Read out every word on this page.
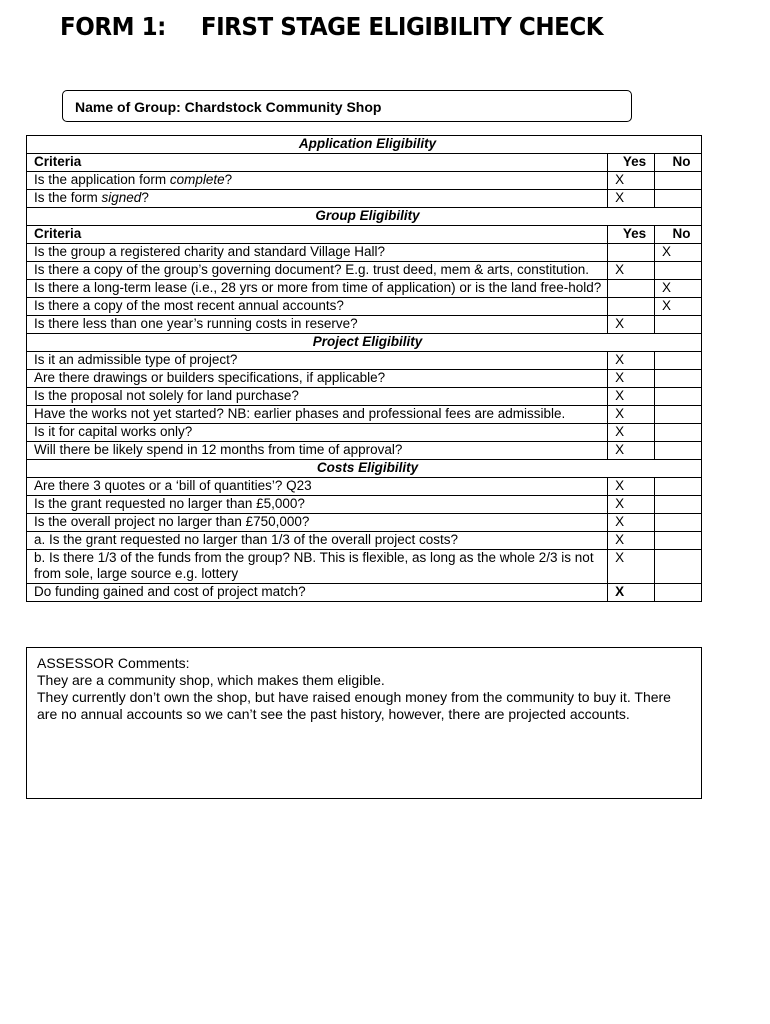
FORM 1: FIRST STAGE ELIGIBILITY CHECK
Name of Group: Chardstock Community Shop
Application Eligibility		
Criteria	Yes	No
Is the application form complete?	X	
Is the form signed?	X	
Group Eligibility		
Criteria	Yes	No
Is the group a registered charity and standard Village Hall?		X
Is there a copy of the group’s governing document? E.g. trust deed, mem & arts, constitution.	X	
Is there a long-term lease (i.e., 28 yrs or more from time of application) or is the land free-hold?		X
Is there a copy of the most recent annual accounts?		X
Is there less than one year’s running costs in reserve?	X	
Project Eligibility		
Is it an admissible type of project?	X	
Are there drawings or builders specifications, if applicable?	X	
Is the proposal not solely for land purchase?	X	
Have the works not yet started? NB: earlier phases and professional fees are admissible.	X	
Is it for capital works only?	X	
Will there be likely spend in 12 months from time of approval?	X	
Costs Eligibility		
Are there 3 quotes or a ‘bill of quantities’? Q23	X	
Is the grant requested no larger than £5,000?	X	
Is the overall project no larger than £750,000?	X	
a. Is the grant requested no larger than 1/3 of the overall project costs?	X	
b. Is there 1/3 of the funds from the group? NB. This is flexible, as long as the whole 2/3 is not from sole, large source e.g. lottery	X	
Do funding gained and cost of project match?	X	
ASSESSOR Comments:
They are a community shop, which makes them eligible.
They currently don’t own the shop, but have raised enough money from the community to buy it. There are no annual accounts so we can’t see the past history, however, there are projected accounts.
